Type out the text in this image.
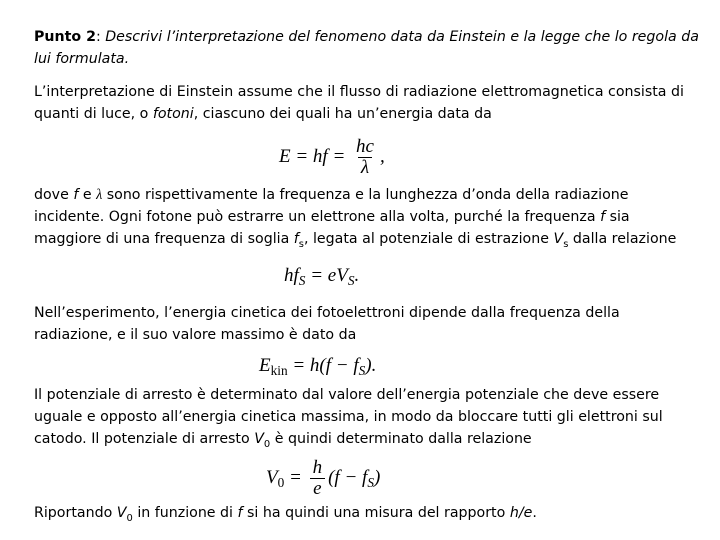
Punto 2: Descrivi l’interpretazione del fenomeno data da Einstein e la legge che lo regola da lui formulata.

L’interpretazione di Einstein assume che il flusso di radiazione elettromagnetica consista di quanti di luce, o fotoni, ciascuno dei quali ha un’energia data da

E = hf = $\frac{hc}{\lambda}$ ,

dove f e λ sono rispettivamente la frequenza e la lunghezza d’onda della radiazione incidente. Ogni fotone può estrarre un elettrone alla volta, purché la frequenza f sia maggiore di una frequenza di soglia $f_s$, legata al potenziale di estrazione $V_s$ dalla relazione

$hf_S = eV_S$.

Nell’esperimento, l’energia cinetica dei fotoelettroni dipende dalla frequenza della radiazione, e il suo valore massimo è dato da

$E_{kin} = h(f - f_S)$.

Il potenziale di arresto è determinato dal valore dell’energia potenziale che deve essere uguale e opposto all’energia cinetica massima, in modo da bloccare tutti gli elettroni sul catodo. Il potenziale di arresto $V_0$ è quindi determinato dalla relazione

$V_0 = \frac{h}{e} (f - f_S)$

Riportando $V_0$ in funzione di f si ha quindi una misura del rapporto h/e.
